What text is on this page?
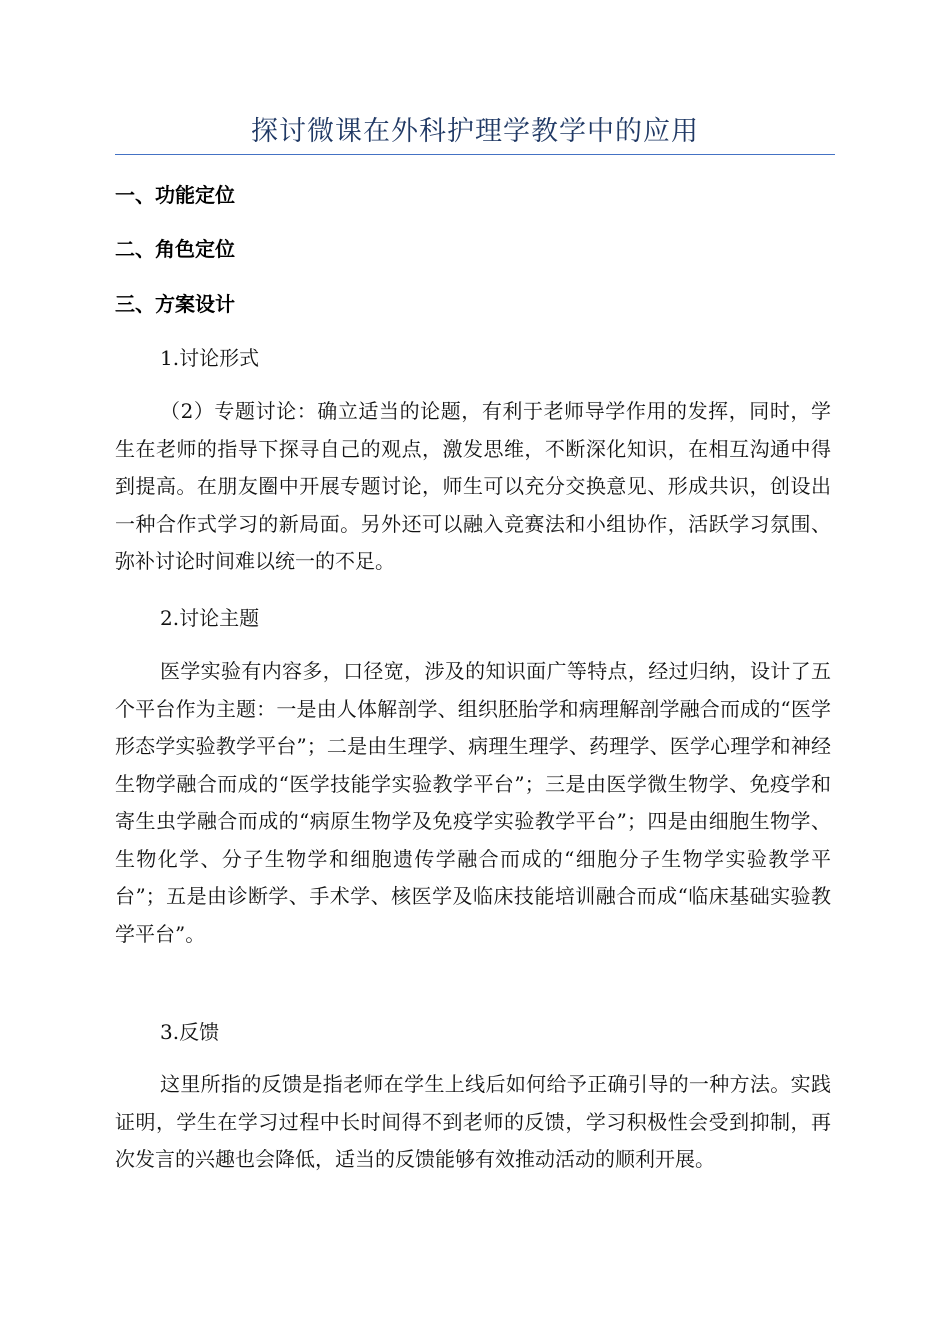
探讨微课在外科护理学教学中的应用
一、功能定位
二、角色定位
三、方案设计
1.讨论形式

（2）专题讨论：确立适当的论题，有利于老师导学作用的发挥，同时，学生在老师的指导下探寻自己的观点，激发思维，不断深化知识，在相互沟通中得到提高。在朋友圈中开展专题讨论，师生可以充分交换意见、形成共识，创设出一种合作式学习的新局面。另外还可以融入竞赛法和小组协作，活跃学习氛围、弥补讨论时间难以统一的不足。

2.讨论主题

医学实验有内容多，口径宽，涉及的知识面广等特点，经过归纳，设计了五个平台作为主题：一是由人体解剖学、组织胚胎学和病理解剖学融合而成的“医学形态学实验教学平台”；二是由生理学、病理生理学、药理学、医学心理学和神经生物学融合而成的“医学技能学实验教学平台”；三是由医学微生物学、免疫学和寄生虫学融合而成的“病原生物学及免疫学实验教学平台”；四是由细胞生物学、生物化学、分子生物学和细胞遗传学融合而成的“细胞分子生物学实验教学平台”；五是由诊断学、手术学、核医学及临床技能培训融合而成“临床基础实验教学平台”。

3.反馈

这里所指的反馈是指老师在学生上线后如何给予正确引导的一种方法。实践证明，学生在学习过程中长时间得不到老师的反馈，学习积极性会受到抑制，再次发言的兴趣也会降低，适当的反馈能够有效推动活动的顺利开展。
